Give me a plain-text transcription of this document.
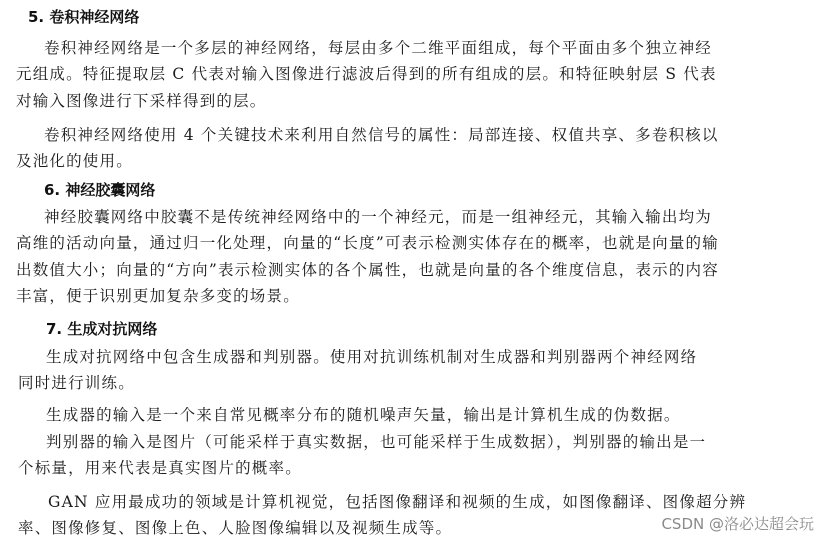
5. 卷积神经网络
卷积神经网络是一个多层的神经网络，每层由多个二维平面组成，每个平面由多个独立神经
元组成。特征提取层 C 代表对输入图像进行滤波后得到的所有组成的层。和特征映射层 S 代表
对输入图像进行下采样得到的层。
卷积神经网络使用 4 个关键技术来利用自然信号的属性：局部连接、权值共享、多卷积核以
及池化的使用。
6. 神经胶囊网络
神经胶囊网络中胶囊不是传统神经网络中的一个神经元，而是一组神经元，其输入输出均为
高维的活动向量，通过归一化处理，向量的“长度”可表示检测实体存在的概率，也就是向量的输
出数值大小；向量的“方向”表示检测实体的各个属性，也就是向量的各个维度信息，表示的内容
丰富，便于识别更加复杂多变的场景。
7. 生成对抗网络
生成对抗网络中包含生成器和判别器。使用对抗训练机制对生成器和判别器两个神经网络
同时进行训练。
生成器的输入是一个来自常见概率分布的随机噪声矢量，输出是计算机生成的伪数据。
判别器的输入是图片（可能采样于真实数据，也可能采样于生成数据），判别器的输出是一
个标量，用来代表是真实图片的概率。
GAN 应用最成功的领域是计算机视觉，包括图像翻译和视频的生成，如图像翻译、图像超分辨
率、图像修复、图像上色、人脸图像编辑以及视频生成等。	CSDN @洛必达超会玩
